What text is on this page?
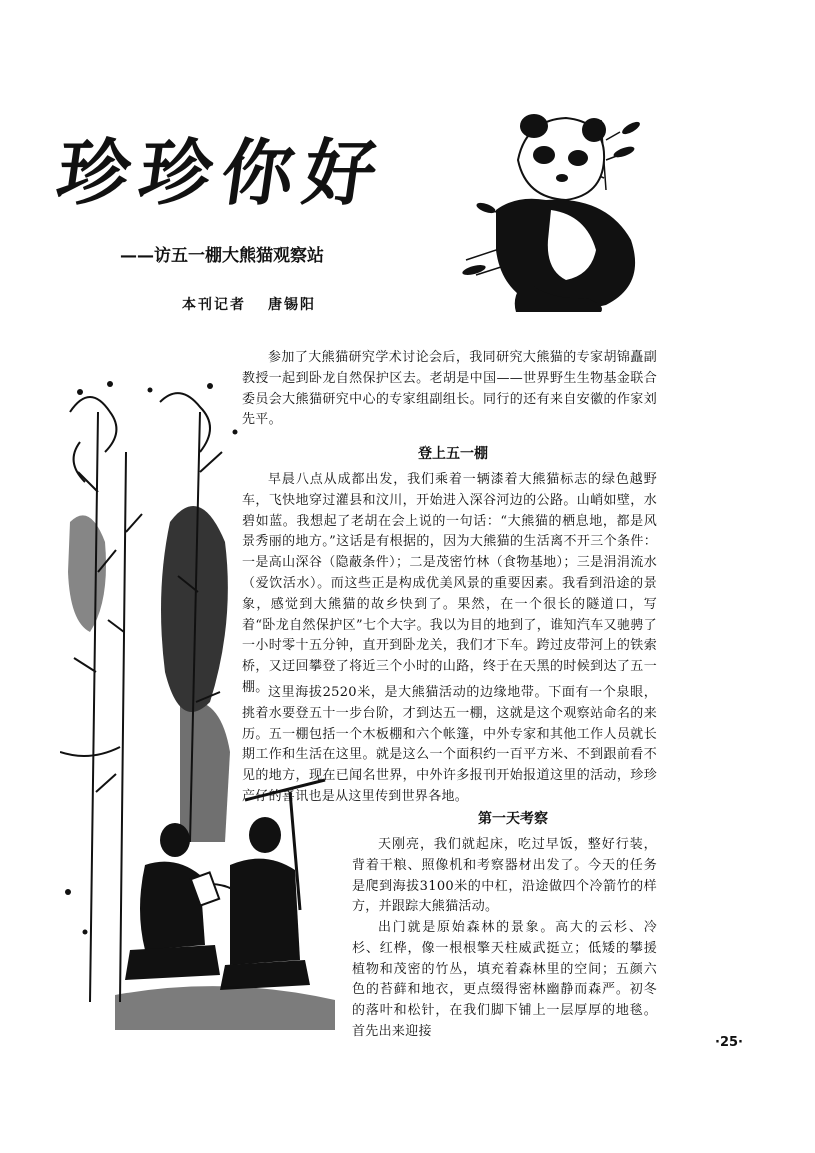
珍珍你好
——访五一棚大熊猫观察站
本刊记者 唐锡阳

参加了大熊猫研究学术讨论会后，我同研究大熊猫的专家胡锦矗副教授一起到卧龙自然保护区去。老胡是中国——世界野生生物基金联合委员会大熊猫研究中心的专家组副组长。同行的还有来自安徽的作家刘先平。

登上五一棚

早晨八点从成都出发，我们乘着一辆漆着大熊猫标志的绿色越野车，飞快地穿过灌县和汶川，开始进入深谷河边的公路。山峭如壁，水碧如蓝。我想起了老胡在会上说的一句话：“大熊猫的栖息地，都是风景秀丽的地方。”这话是有根据的，因为大熊猫的生活离不开三个条件：一是高山深谷（隐蔽条件）；二是茂密竹林（食物基地）；三是涓涓流水（爱饮活水）。而这些正是构成优美风景的重要因素。我看到沿途的景象，感觉到大熊猫的故乡快到了。果然，在一个很长的隧道口，写着“卧龙自然保护区”七个大字。我以为目的地到了，谁知汽车又驰骋了一小时零十五分钟，直开到卧龙关，我们才下车。跨过皮带河上的铁索桥，又迂回攀登了将近三个小时的山路，终于在天黑的时候到达了五一棚。 这里海拔2520米，是大熊猫活动的边缘地带。下面有一个泉眼，挑着水要登五十一步台阶，才到达五一棚，这就是这个观察站命名的来历。五一棚包括一个木板棚和六个帐篷，中外专家和其他工作人员就长期工作和生活在这里。就是这么一个面积约一百平方米、不到跟前看不见的地方，现在已闻名世界，中外许多报刊开始报道这里的活动，珍珍产仔的喜讯也是从这里传到世界各地。

第一天考察

天刚亮，我们就起床，吃过早饭，整好行装，背着干粮、照像机和考察器材出发了。今天的任务是爬到海拔3100米的中杠，沿途做四个冷箭竹的样方，并跟踪大熊猫活动。

出门就是原始森林的景象。高大的云杉、冷杉、红桦，像一根根擎天柱威武挺立；低矮的攀援植物和茂密的竹丛，填充着森林里的空间；五颜六色的苔藓和地衣，更点缀得密林幽静而森严。初冬的落叶和松针，在我们脚下铺上一层厚厚的地毯。首先出来迎接

·25·
